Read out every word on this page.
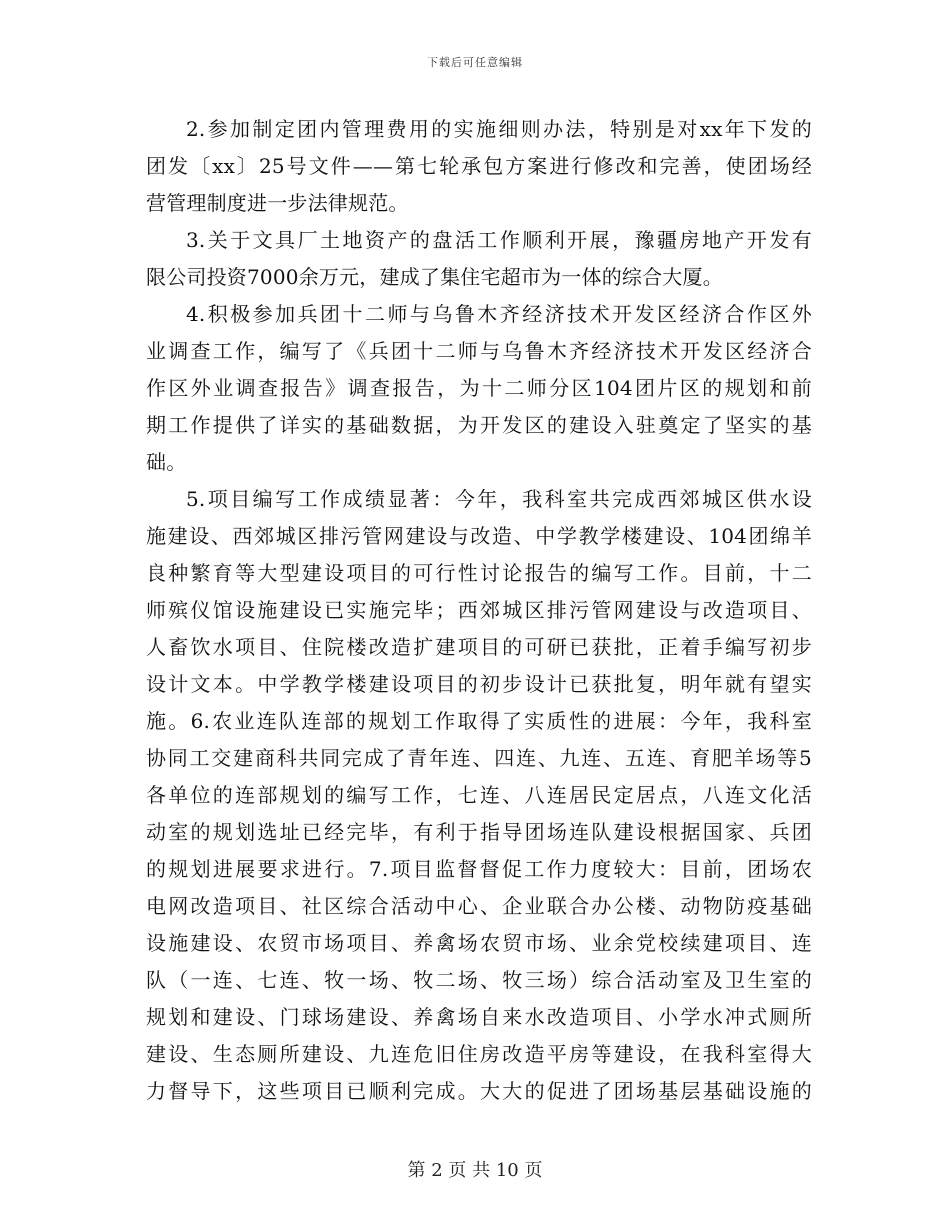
下载后可任意编辑
2.参加制定团内管理费用的实施细则办法，特别是对xx年下发的
团发〔xx〕25号文件——第七轮承包方案进行修改和完善，使团场经
营管理制度进一步法律规范。
3.关于文具厂土地资产的盘活工作顺利开展，豫疆房地产开发有
限公司投资7000余万元，建成了集住宅超市为一体的综合大厦。
4.积极参加兵团十二师与乌鲁木齐经济技术开发区经济合作区外
业调查工作，编写了《兵团十二师与乌鲁木齐经济技术开发区经济合
作区外业调查报告》调查报告，为十二师分区104团片区的规划和前
期工作提供了详实的基础数据，为开发区的建设入驻奠定了坚实的基
础。
5.项目编写工作成绩显著：今年，我科室共完成西郊城区供水设
施建设、西郊城区排污管网建设与改造、中学教学楼建设、104团绵羊
良种繁育等大型建设项目的可行性讨论报告的编写工作。目前，十二
师殡仪馆设施建设已实施完毕；西郊城区排污管网建设与改造项目、
人畜饮水项目、住院楼改造扩建项目的可研已获批，正着手编写初步
设计文本。中学教学楼建设项目的初步设计已获批复，明年就有望实
施。6.农业连队连部的规划工作取得了实质性的进展：今年，我科室
协同工交建商科共同完成了青年连、四连、九连、五连、育肥羊场等5
各单位的连部规划的编写工作，七连、八连居民定居点，八连文化活
动室的规划选址已经完毕，有利于指导团场连队建设根据国家、兵团
的规划进展要求进行。7.项目监督督促工作力度较大：目前，团场农
电网改造项目、社区综合活动中心、企业联合办公楼、动物防疫基础
设施建设、农贸市场项目、养禽场农贸市场、业余党校续建项目、连
队（一连、七连、牧一场、牧二场、牧三场）综合活动室及卫生室的
规划和建设、门球场建设、养禽场自来水改造项目、小学水冲式厕所
建设、生态厕所建设、九连危旧住房改造平房等建设，在我科室得大
力督导下，这些项目已顺利完成。大大的促进了团场基层基础设施的
第 2 页 共 10 页
